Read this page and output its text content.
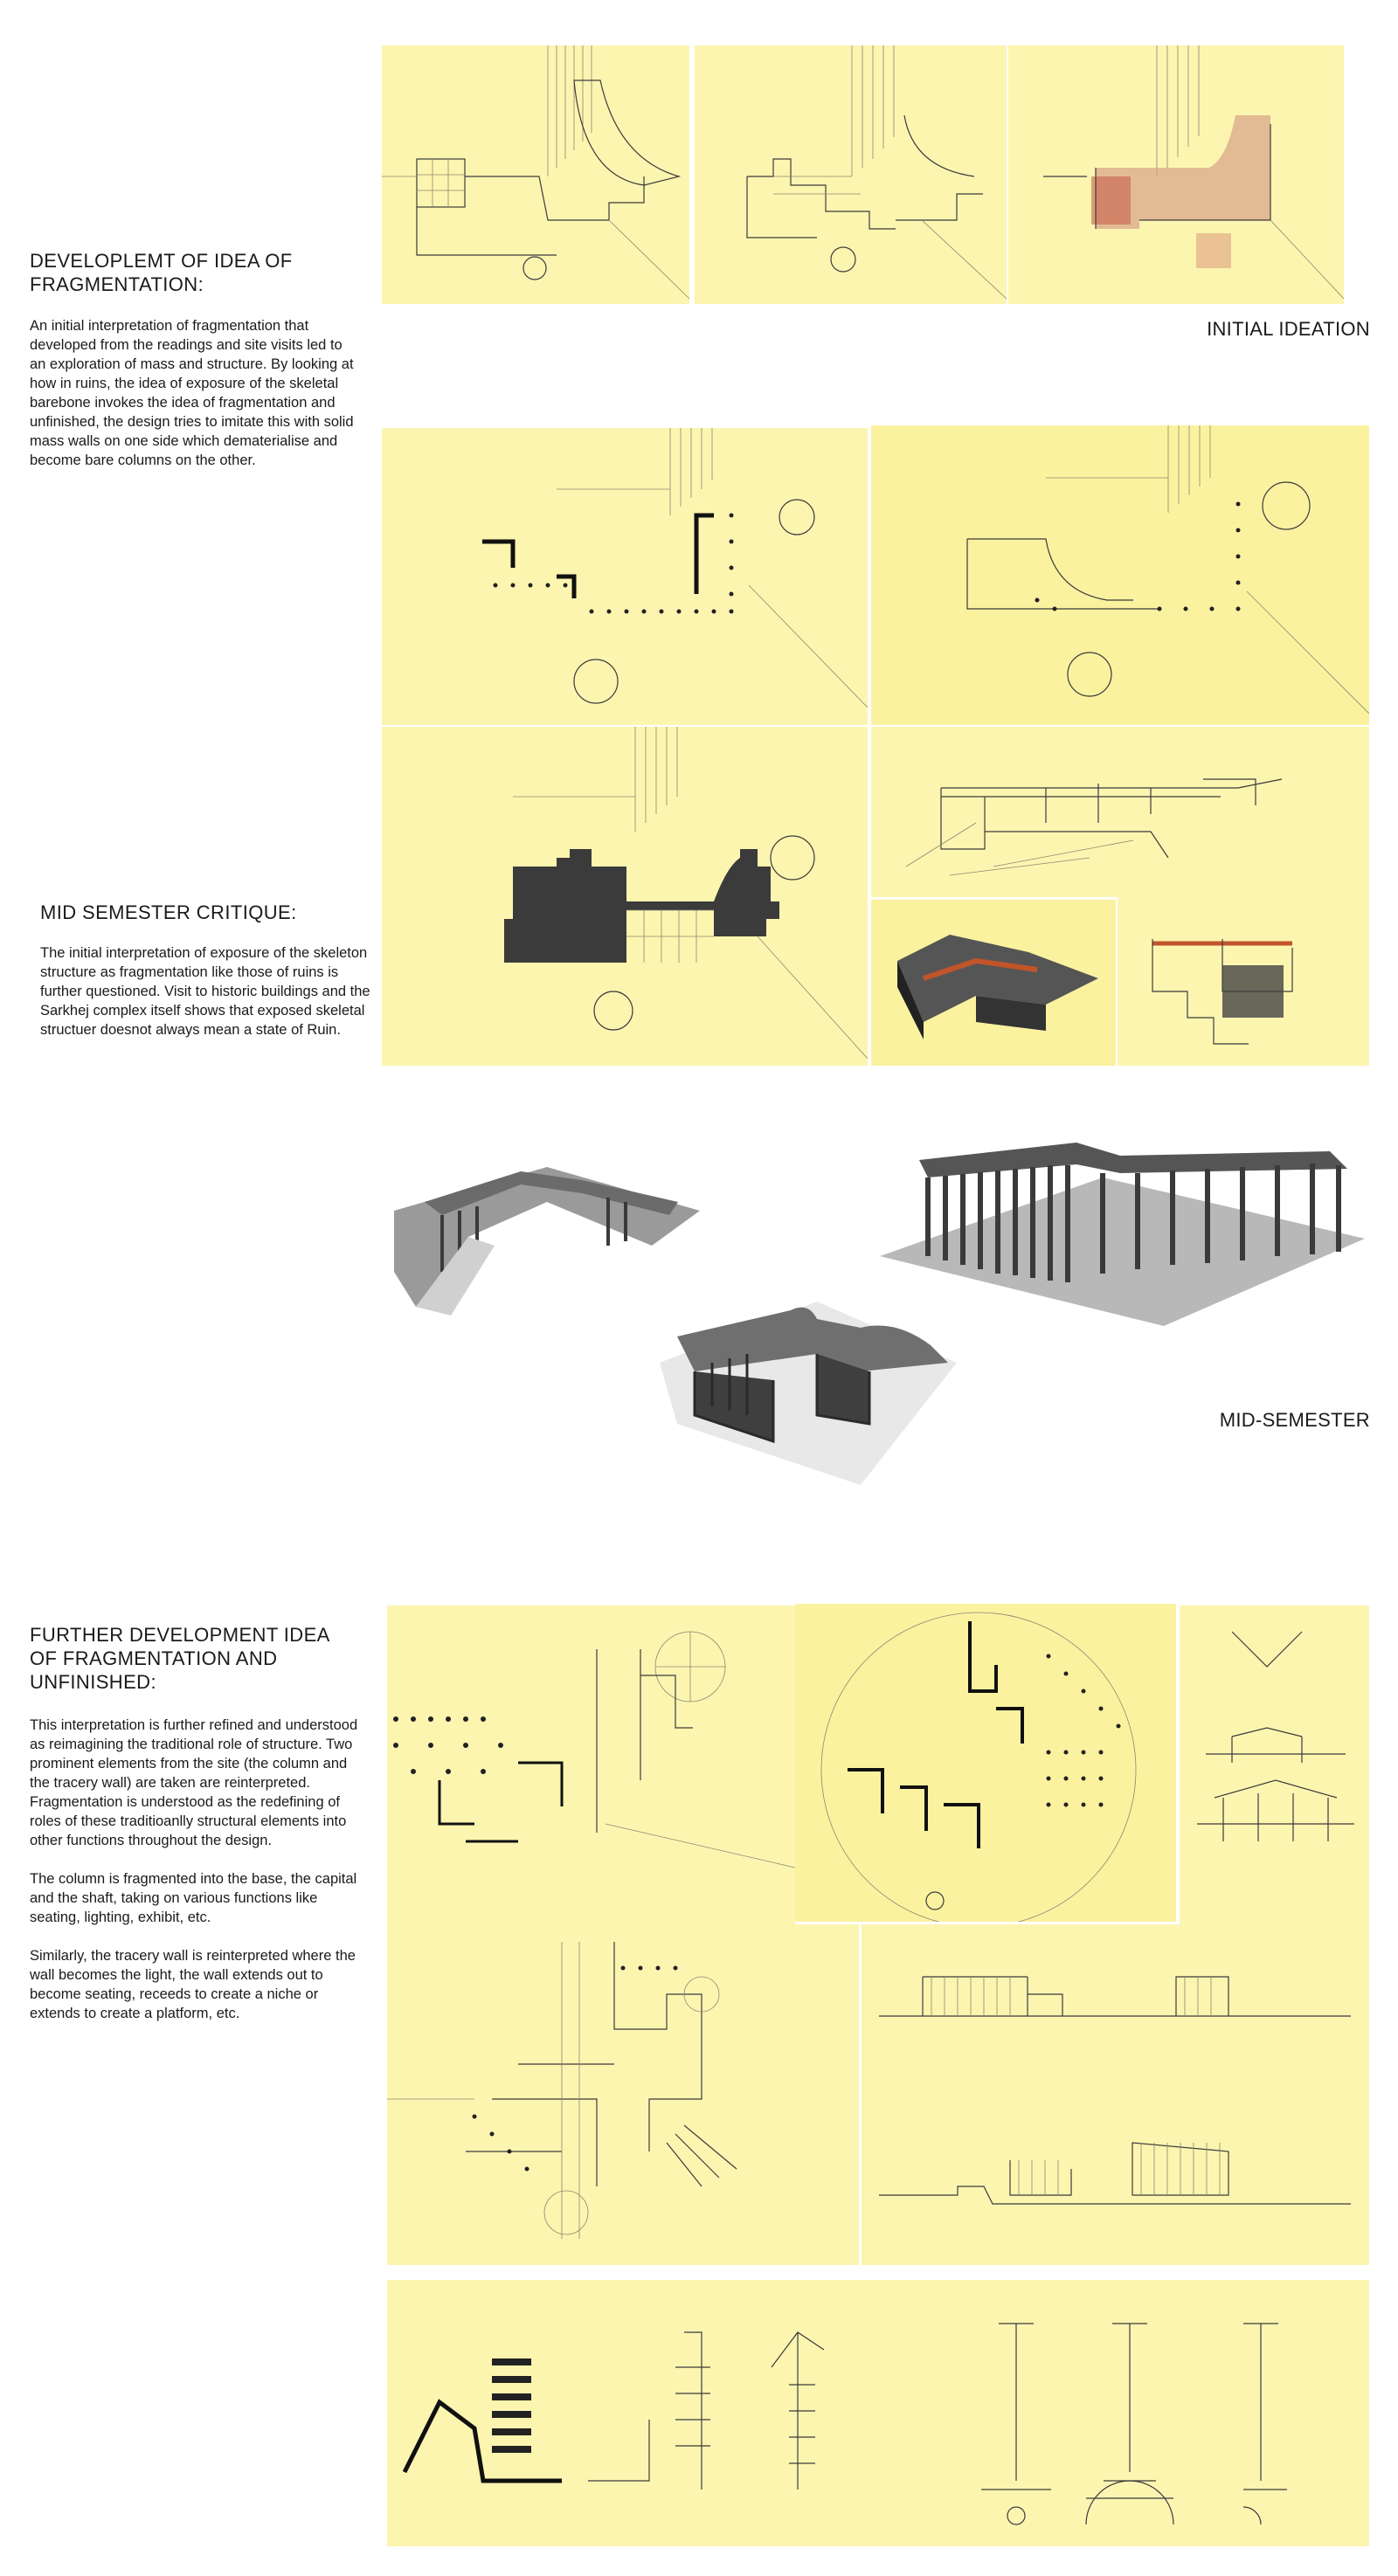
DEVELOPLEMT OF IDEA OF FRAGMENTATION:
An initial interpretation of fragmentation that developed from the readings and site visits led to an exploration of mass and structure. By looking at how in ruins, the idea of exposure of the skeletal barebone invokes the idea of fragmentation and unfinished, the design tries to imitate this with solid mass walls on one side which dematerialise and become bare columns on the other.
INITIAL IDEATION
MID SEMESTER CRITIQUE:
The initial interpretation of exposure of the skeleton structure as fragmentation like those of ruins is further questioned. Visit to historic buildings and the Sarkhej complex itself shows that exposed skeletal structuer doesnot always mean a state of Ruin.
MID-SEMESTER
FURTHER DEVELOPMENT IDEA OF FRAGMENTATION AND UNFINISHED:

This interpretation is further refined and understood as reimagining the traditional role of structure. Two prominent elements from the site (the column and the tracery wall) are taken are reinterpreted. Fragmentation is understood as the redefining of roles of these traditioanlly structural elements into other functions throughout the design.

The column is fragmented into the base, the capital and the shaft, taking on various functions like seating, lighting, exhibit, etc.

Similarly, the tracery wall is reinterpreted where the wall becomes the light, the wall extends out to become seating, receeds to create a niche or extends to create a platform, etc.
